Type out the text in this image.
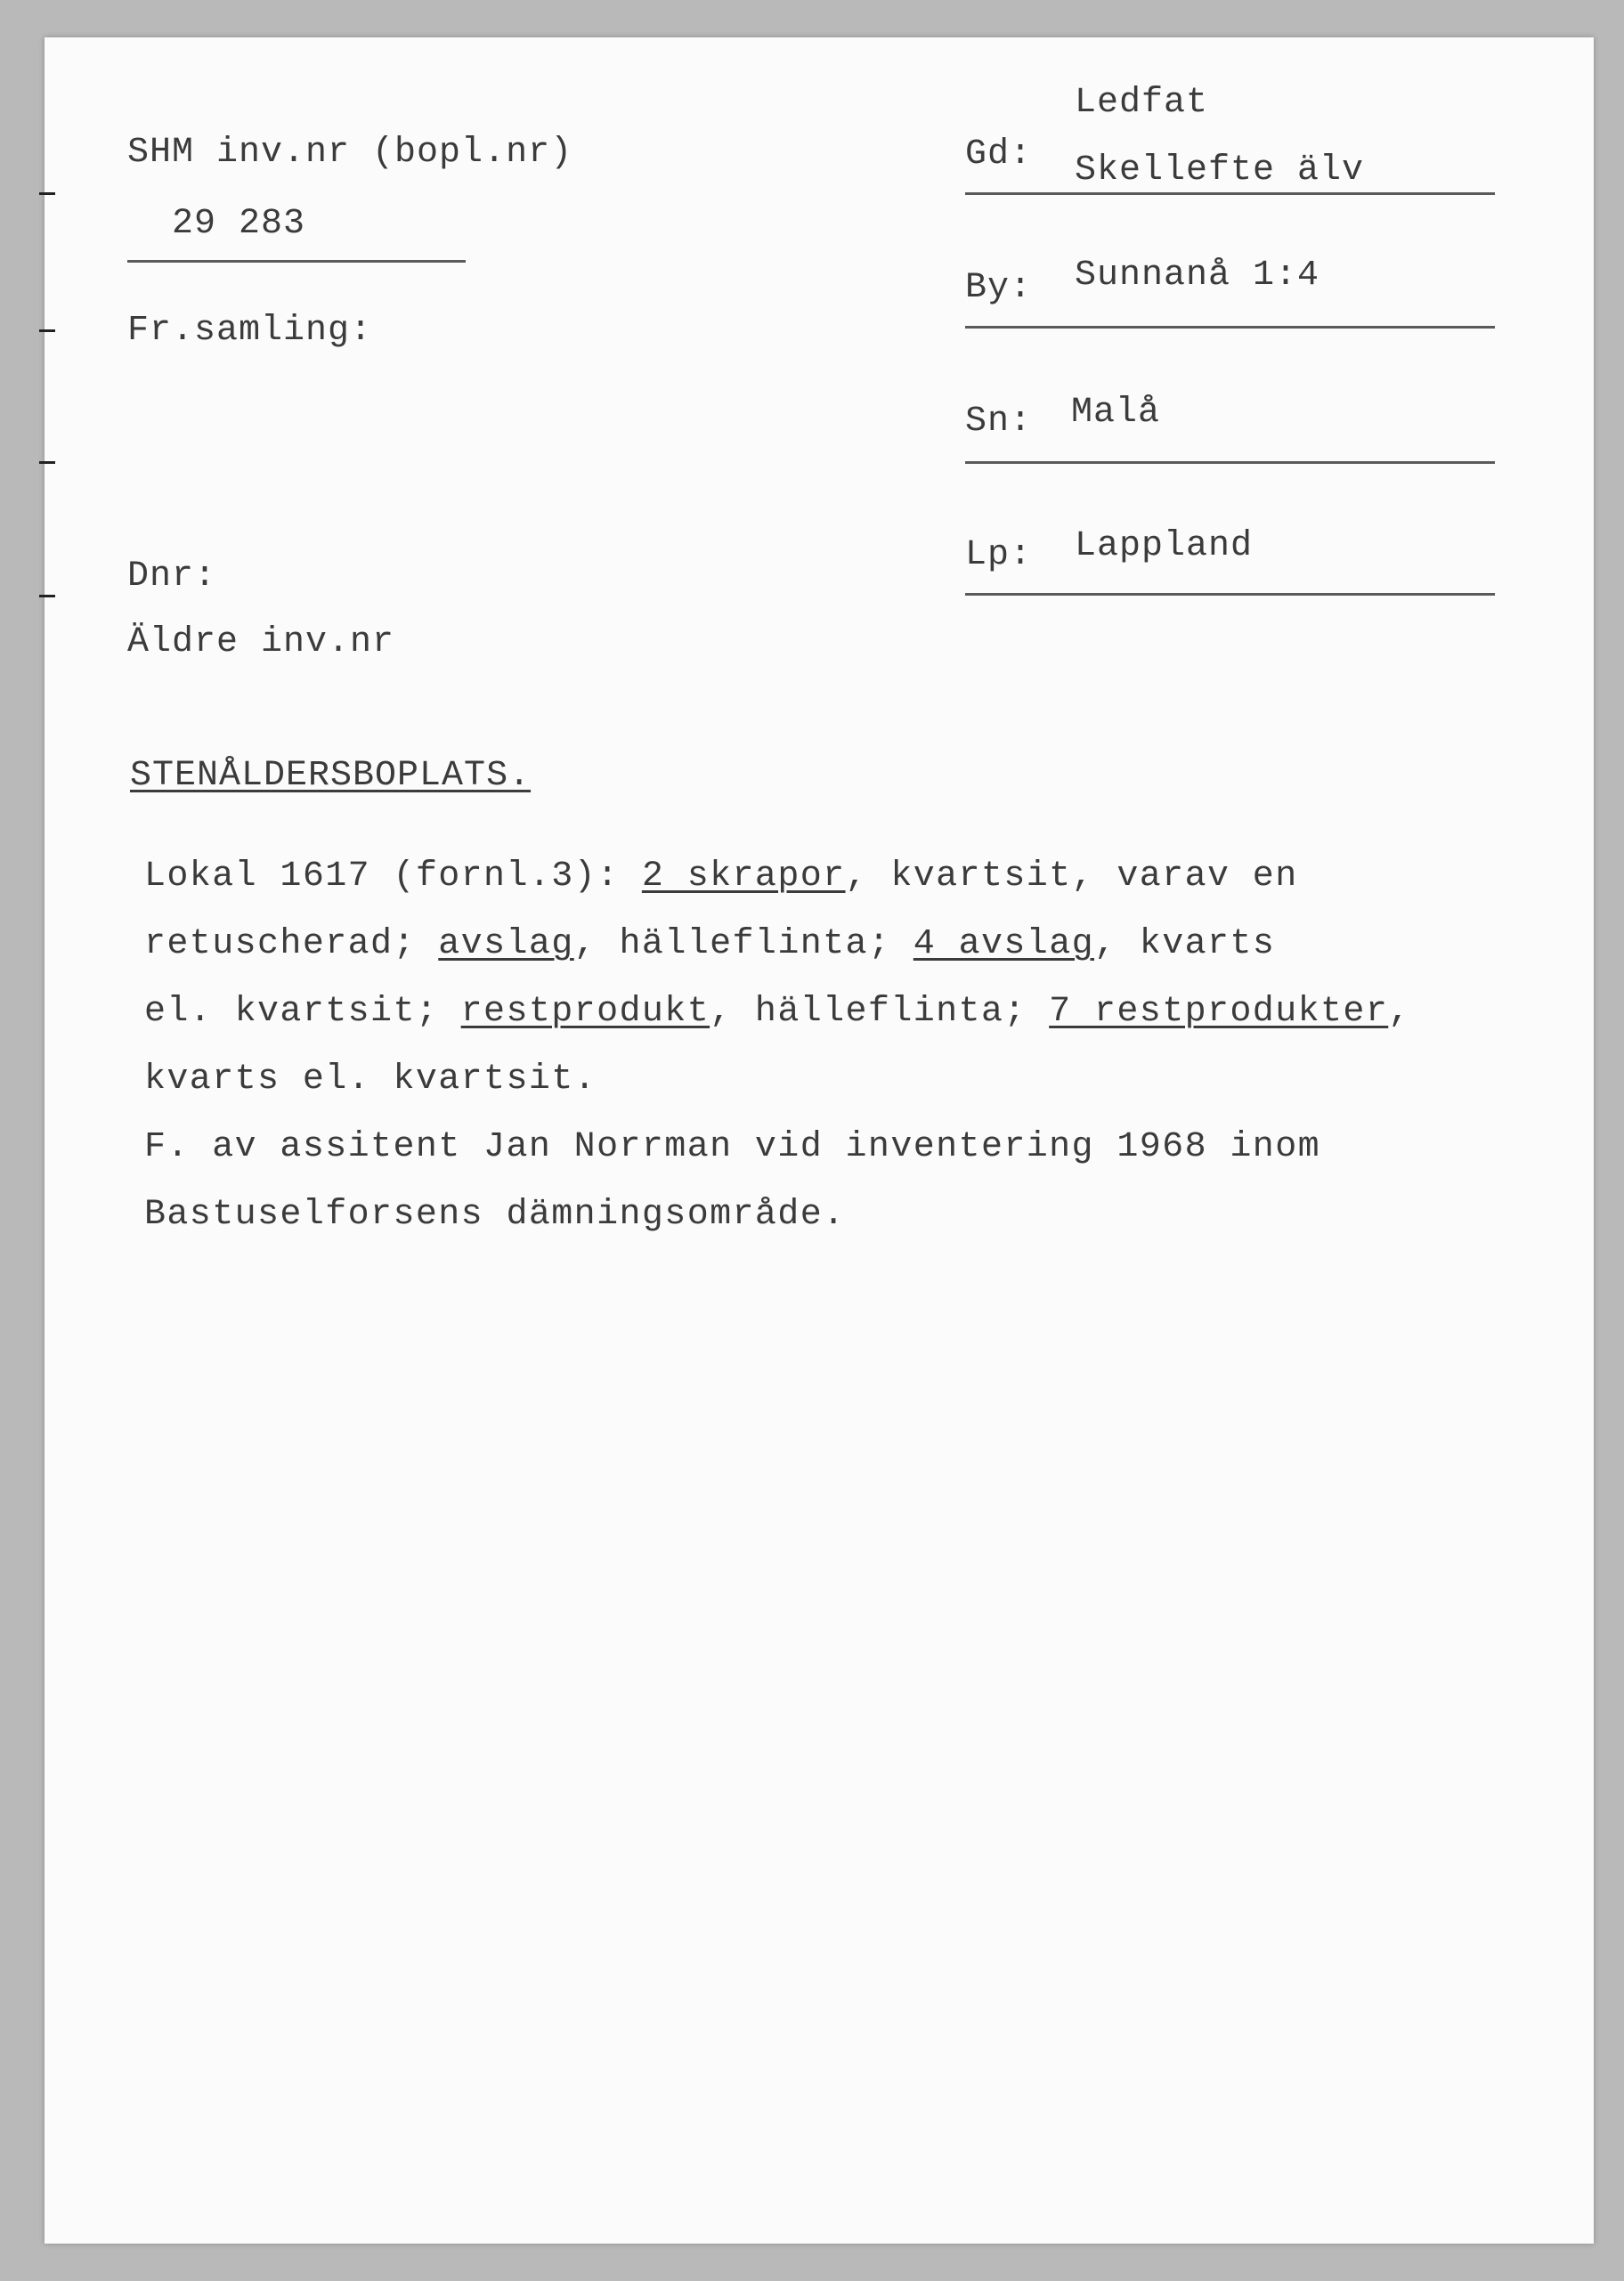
SHM inv.nr (bopl.nr)
29 283
Fr.samling:
Dnr:
Äldre inv.nr
Ledfat
Gd: Skellefte älv
By: Sunnanå 1:4
Sn: Malå
Lp: Lappland
STENÅLDERSBOPLATS.
Lokal 1617 (fornl.3): 2 skrapor, kvartsit, varav en
retuscherad; avslag, hälleflinta; 4 avslag, kvarts
el. kvartsit; restprodukt, hälleflinta; 7 restprodukter,
kvarts el. kvartsit.
F. av assitent Jan Norrman vid inventering 1968 inom
Bastuselforsens dämningsområde.
